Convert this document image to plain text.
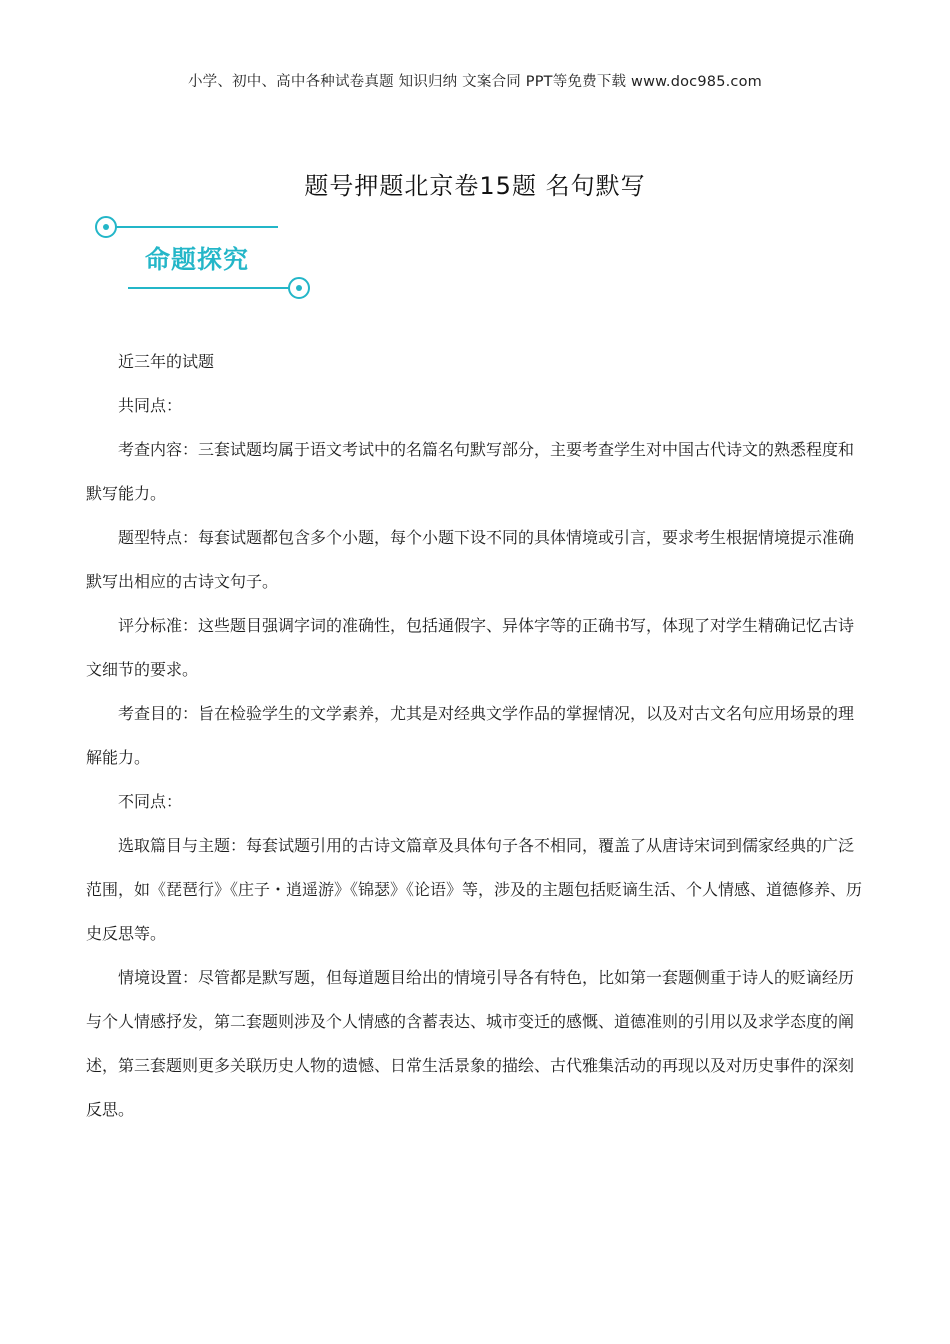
小学、初中、高中各种试卷真题 知识归纳 文案合同 PPT等免费下载 www.doc985.com
题号押题北京卷15题 名句默写
命题探究

近三年的试题

共同点：

考查内容：三套试题均属于语文考试中的名篇名句默写部分，主要考查学生对中国古代诗文的熟悉程度和默写能力。

题型特点：每套试题都包含多个小题，每个小题下设不同的具体情境或引言，要求考生根据情境提示准确默写出相应的古诗文句子。

评分标准：这些题目强调字词的准确性，包括通假字、异体字等的正确书写，体现了对学生精确记忆古诗文细节的要求。

考查目的：旨在检验学生的文学素养，尤其是对经典文学作品的掌握情况，以及对古文名句应用场景的理解能力。

不同点：

选取篇目与主题：每套试题引用的古诗文篇章及具体句子各不相同，覆盖了从唐诗宋词到儒家经典的广泛范围，如《琵琶行》《庄子・逍遥游》《锦瑟》《论语》等，涉及的主题包括贬谪生活、个人情感、道德修养、历史反思等。

情境设置：尽管都是默写题，但每道题目给出的情境引导各有特色，比如第一套题侧重于诗人的贬谪经历与个人情感抒发，第二套题则涉及个人情感的含蓄表达、城市变迁的感慨、道德准则的引用以及求学态度的阐述，第三套题则更多关联历史人物的遗憾、日常生活景象的描绘、古代雅集活动的再现以及对历史事件的深刻反思。
